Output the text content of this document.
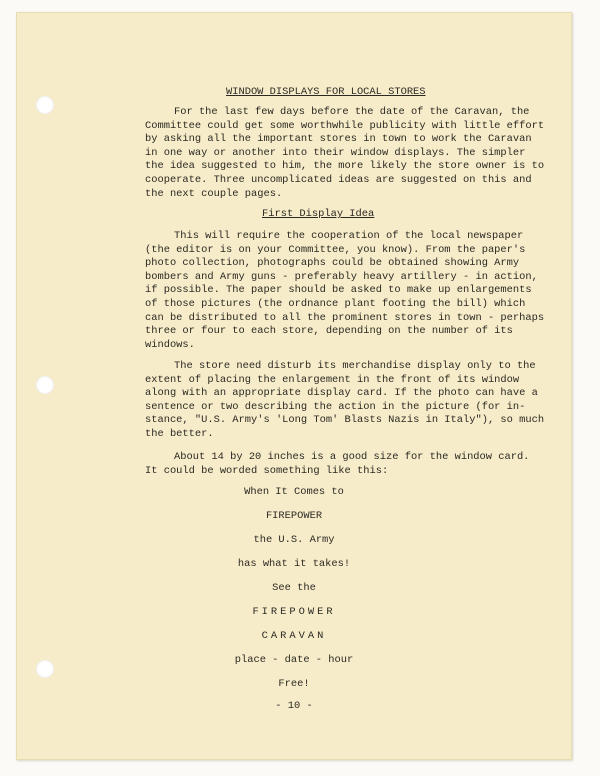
WINDOW DISPLAYS FOR LOCAL STORES
For the last few days before the date of the Caravan, the
Committee could get some worthwhile publicity with little effort
by asking all the important stores in town to work the Caravan
in one way or another into their window displays. The simpler
the idea suggested to him, the more likely the store owner is to
cooperate. Three uncomplicated ideas are suggested on this and
the next couple pages.
First Display Idea
This will require the cooperation of the local newspaper
(the editor is on your Committee, you know). From the paper's
photo collection, photographs could be obtained showing Army
bombers and Army guns - preferably heavy artillery - in action,
if possible. The paper should be asked to make up enlargements
of those pictures (the ordnance plant footing the bill) which
can be distributed to all the prominent stores in town - perhaps
three or four to each store, depending on the number of its
windows.
The store need disturb its merchandise display only to the
extent of placing the enlargement in the front of its window
along with an appropriate display card. If the photo can have a
sentence or two describing the action in the picture (for in-
stance, "U.S. Army's 'Long Tom' Blasts Nazis in Italy"), so much
the better.
About 14 by 20 inches is a good size for the window card.
It could be worded something like this:
When It Comes to
FIREPOWER
the U.S. Army
has what it takes!
See the
FIREPOWER
CARAVAN
place - date - hour
Free!
- 10 -
